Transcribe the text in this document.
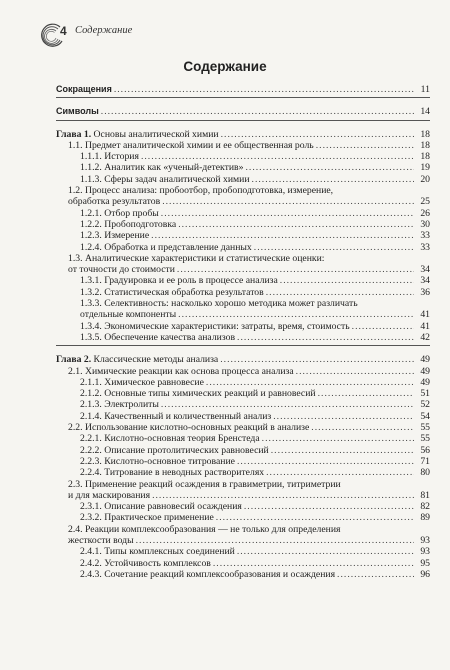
4 Содержание
Содержание
Сокращения .....	11
Символы .....	14
Глава 1. Основы аналитической химии .....	18
1.1. Предмет аналитической химии и ее общественная роль .....	18
1.1.1. История .....	18
1.1.2. Аналитик как «ученый-детектив» .....	19
1.1.3. Сферы задач аналитической химии .....	20
1.2. Процесс анализа: пробоотбор, пробоподготовка, измерение,
обработка результатов .....	25
1.2.1. Отбор пробы .....	26
1.2.2. Пробоподготовка .....	30
1.2.3. Измерение .....	33
1.2.4. Обработка и представление данных .....	33
1.3. Аналитические характеристики и статистические оценки:
от точности до стоимости .....	34
1.3.1. Градуировка и ее роль в процессе анализа .....	34
1.3.2. Статистическая обработка результатов .....	36
1.3.3. Селективность: насколько хорошо методика может различать
отдельные компоненты .....	41
1.3.4. Экономические характеристики: затраты, время, стоимость .....	41
1.3.5. Обеспечение качества анализов .....	42
Глава 2. Классические методы анализа .....	49
2.1. Химические реакции как основа процесса анализа .....	49
2.1.1. Химическое равновесие .....	49
2.1.2. Основные типы химических реакций и равновесий .....	51
2.1.3. Электролиты .....	52
2.1.4. Качественный и количественный анализ .....	54
2.2. Использование кислотно-основных реакций в анализе .....	55
2.2.1. Кислотно-основная теория Бренстеда .....	55
2.2.2. Описание протолитических равновесий .....	56
2.2.3. Кислотно-основное титрование .....	71
2.2.4. Титрование в неводных растворителях .....	80
2.3. Применение реакций осаждения в гравиметрии, титриметрии
и для маскирования .....	81
2.3.1. Описание равновесий осаждения .....	82
2.3.2. Практическое применение .....	89
2.4. Реакции комплексообразования — не только для определения
жесткости воды .....	93
2.4.1. Типы комплексных соединений .....	93
2.4.2. Устойчивость комплексов .....	95
2.4.3. Сочетание реакций комплексообразования и осаждения .....	96
